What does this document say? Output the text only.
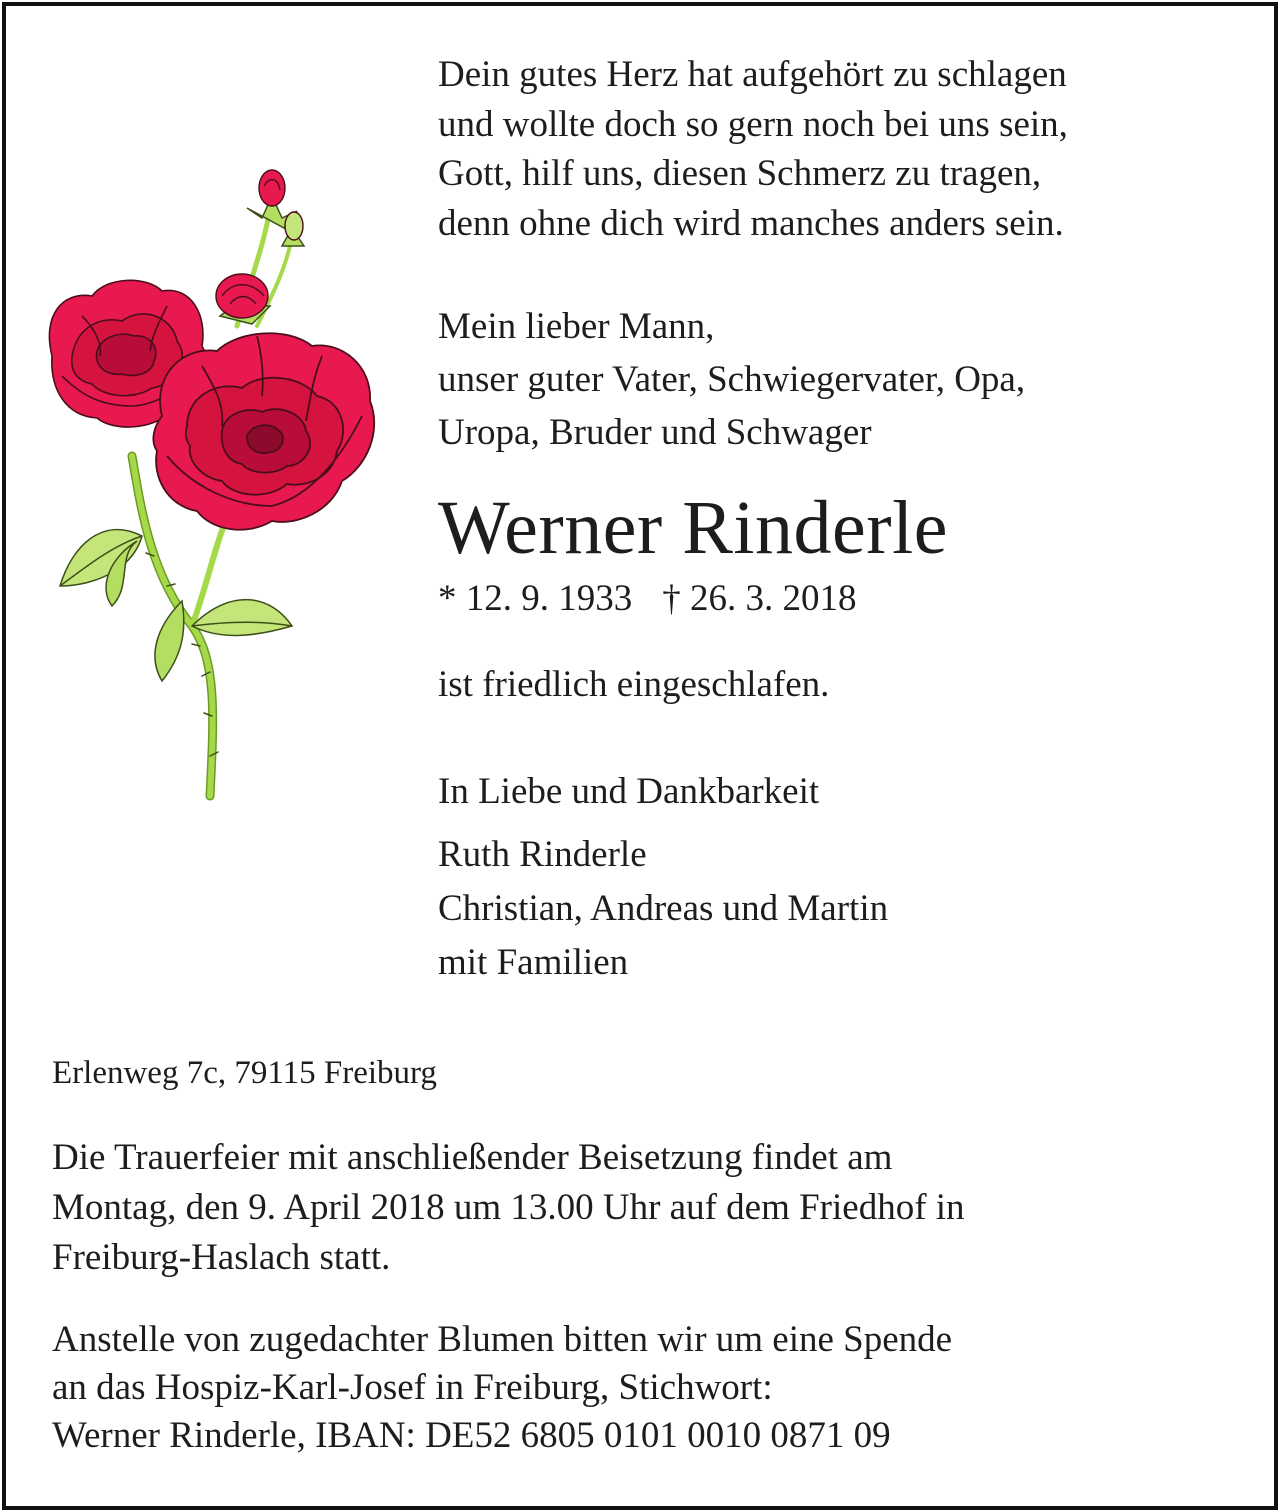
Dein gutes Herz hat aufgehört zu schlagen
und wollte doch so gern noch bei uns sein,
Gott, hilf uns, diesen Schmerz zu tragen,
denn ohne dich wird manches anders sein.
Mein lieber Mann,
unser guter Vater, Schwiegervater, Opa,
Uropa, Bruder und Schwager
Werner Rinderle
* 12. 9. 1933 † 26. 3. 2018
ist friedlich eingeschlafen.
In Liebe und Dankbarkeit
Ruth Rinderle
Christian, Andreas und Martin
mit Familien
Erlenweg 7c, 79115 Freiburg
Die Trauerfeier mit anschließender Beisetzung findet am
Montag, den 9. April 2018 um 13.00 Uhr auf dem Friedhof in
Freiburg-Haslach statt.
Anstelle von zugedachter Blumen bitten wir um eine Spende
an das Hospiz-Karl-Josef in Freiburg, Stichwort:
Werner Rinderle, IBAN: DE52 6805 0101 0010 0871 09
